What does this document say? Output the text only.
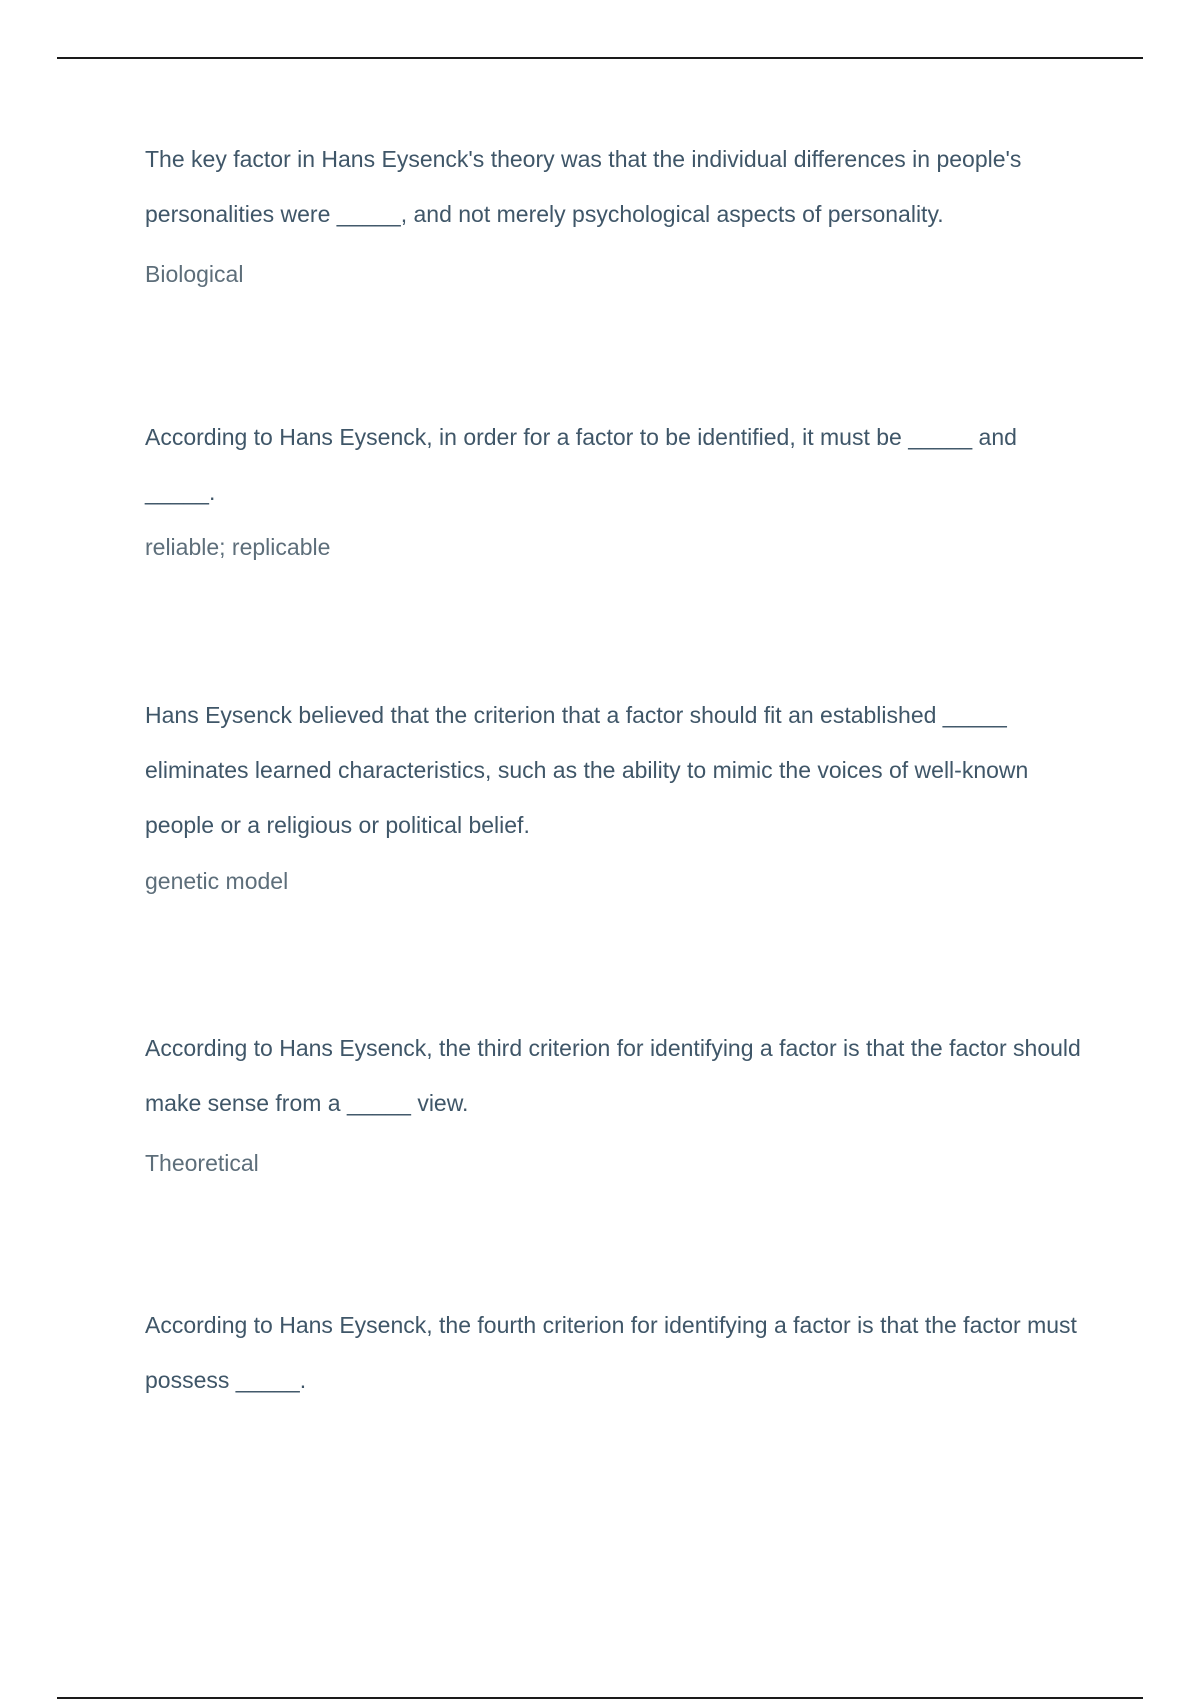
The key factor in Hans Eysenck's theory was that the individual differences in people's personalities were _____, and not merely psychological aspects of personality.

Biological

According to Hans Eysenck, in order for a factor to be identified, it must be _____ and _____.

reliable; replicable

Hans Eysenck believed that the criterion that a factor should fit an established _____ eliminates learned characteristics, such as the ability to mimic the voices of well-known people or a religious or political belief.

genetic model

According to Hans Eysenck, the third criterion for identifying a factor is that the factor should make sense from a _____ view.

Theoretical

According to Hans Eysenck, the fourth criterion for identifying a factor is that the factor must possess _____.
